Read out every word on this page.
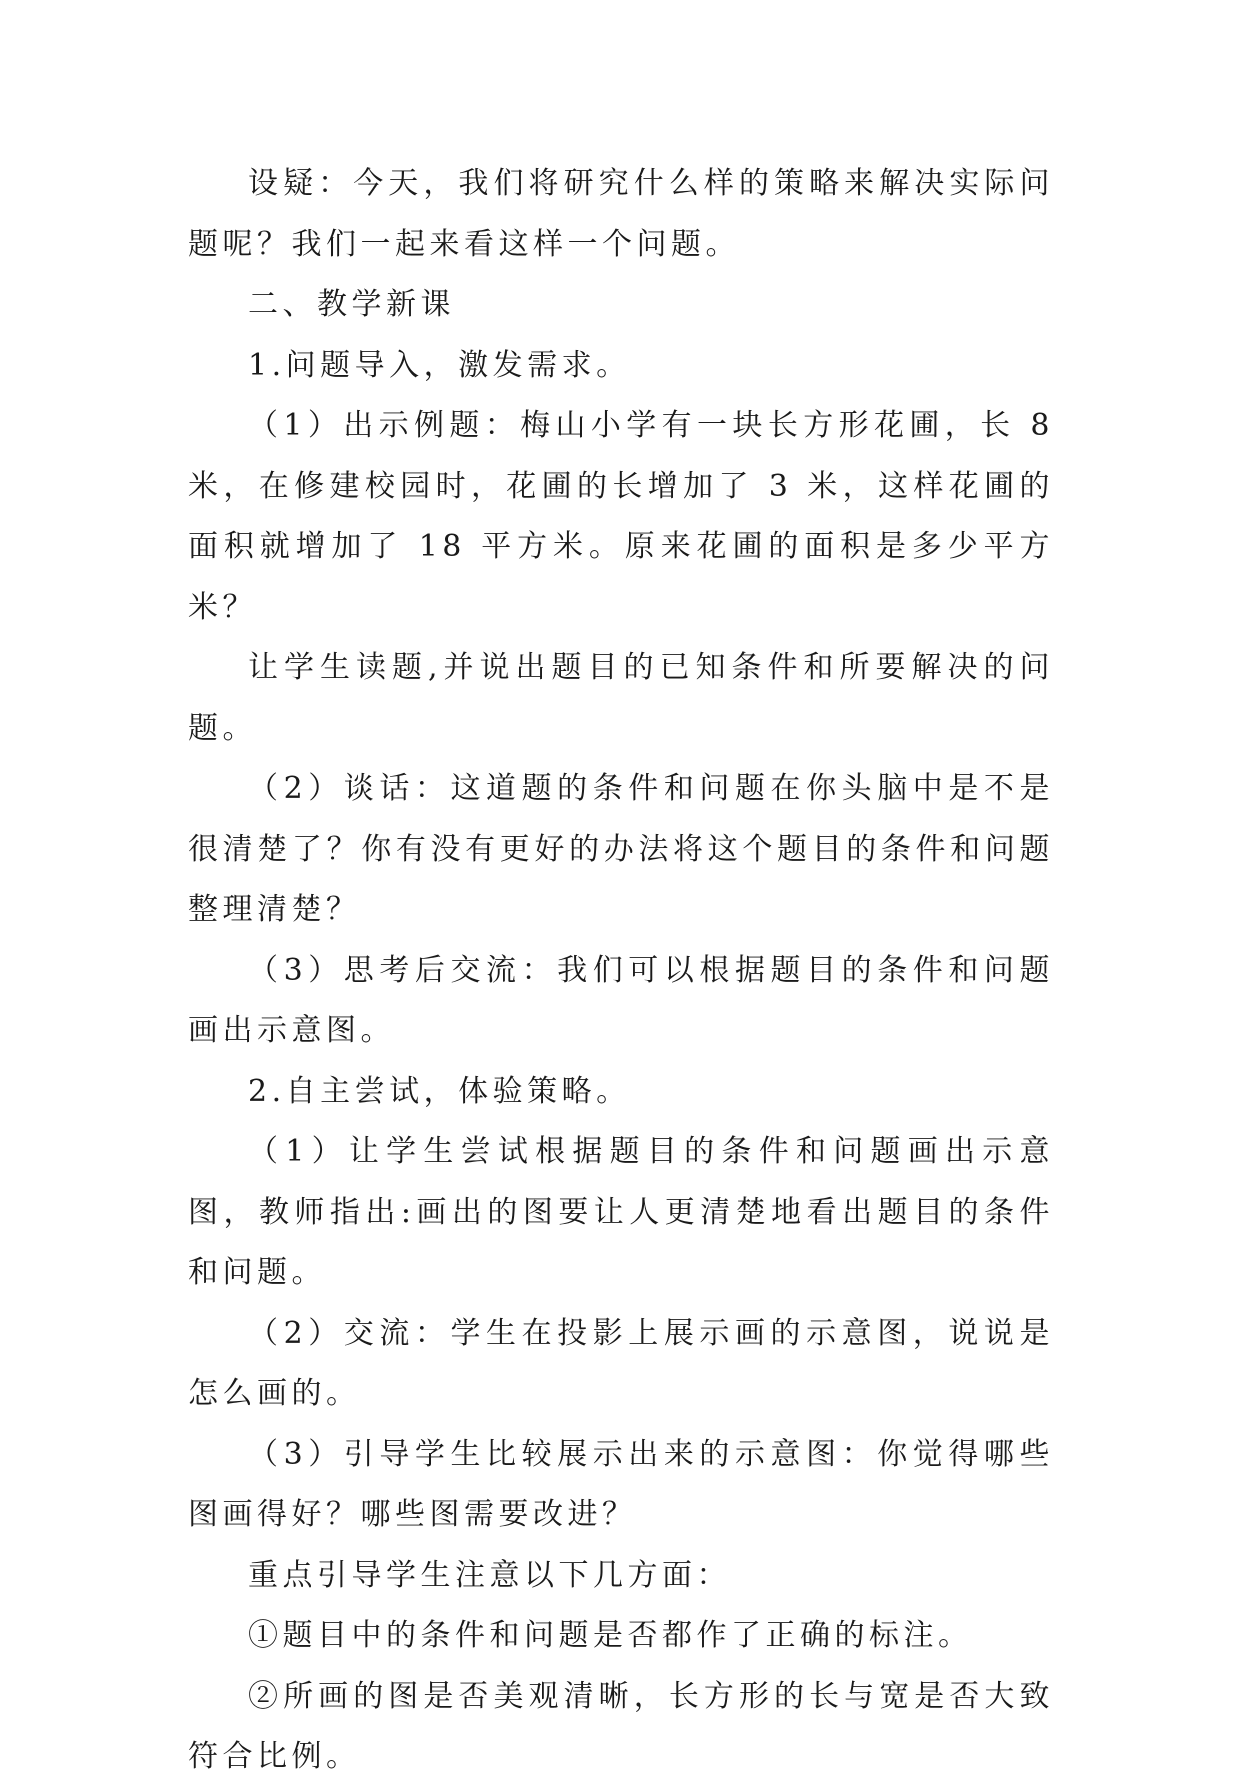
设疑：今天，我们将研究什么样的策略来解决实际问题呢？我们一起来看这样一个问题。

二、教学新课

1.问题导入，激发需求。

（1）出示例题：梅山小学有一块长方形花圃，长 8 米，在修建校园时，花圃的长增加了 3 米，这样花圃的面积就增加了 18 平方米。原来花圃的面积是多少平方米？

让学生读题,并说出题目的已知条件和所要解决的问题。

（2）谈话：这道题的条件和问题在你头脑中是不是很清楚了？你有没有更好的办法将这个题目的条件和问题整理清楚？

（3）思考后交流：我们可以根据题目的条件和问题画出示意图。

2.自主尝试，体验策略。

（1）让学生尝试根据题目的条件和问题画出示意图，教师指出:画出的图要让人更清楚地看出题目的条件和问题。

（2）交流：学生在投影上展示画的示意图，说说是怎么画的。

（3）引导学生比较展示出来的示意图：你觉得哪些图画得好？哪些图需要改进？

重点引导学生注意以下几方面：

①题目中的条件和问题是否都作了正确的标注。

②所画的图是否美观清晰，长方形的长与宽是否大致符合比例。
